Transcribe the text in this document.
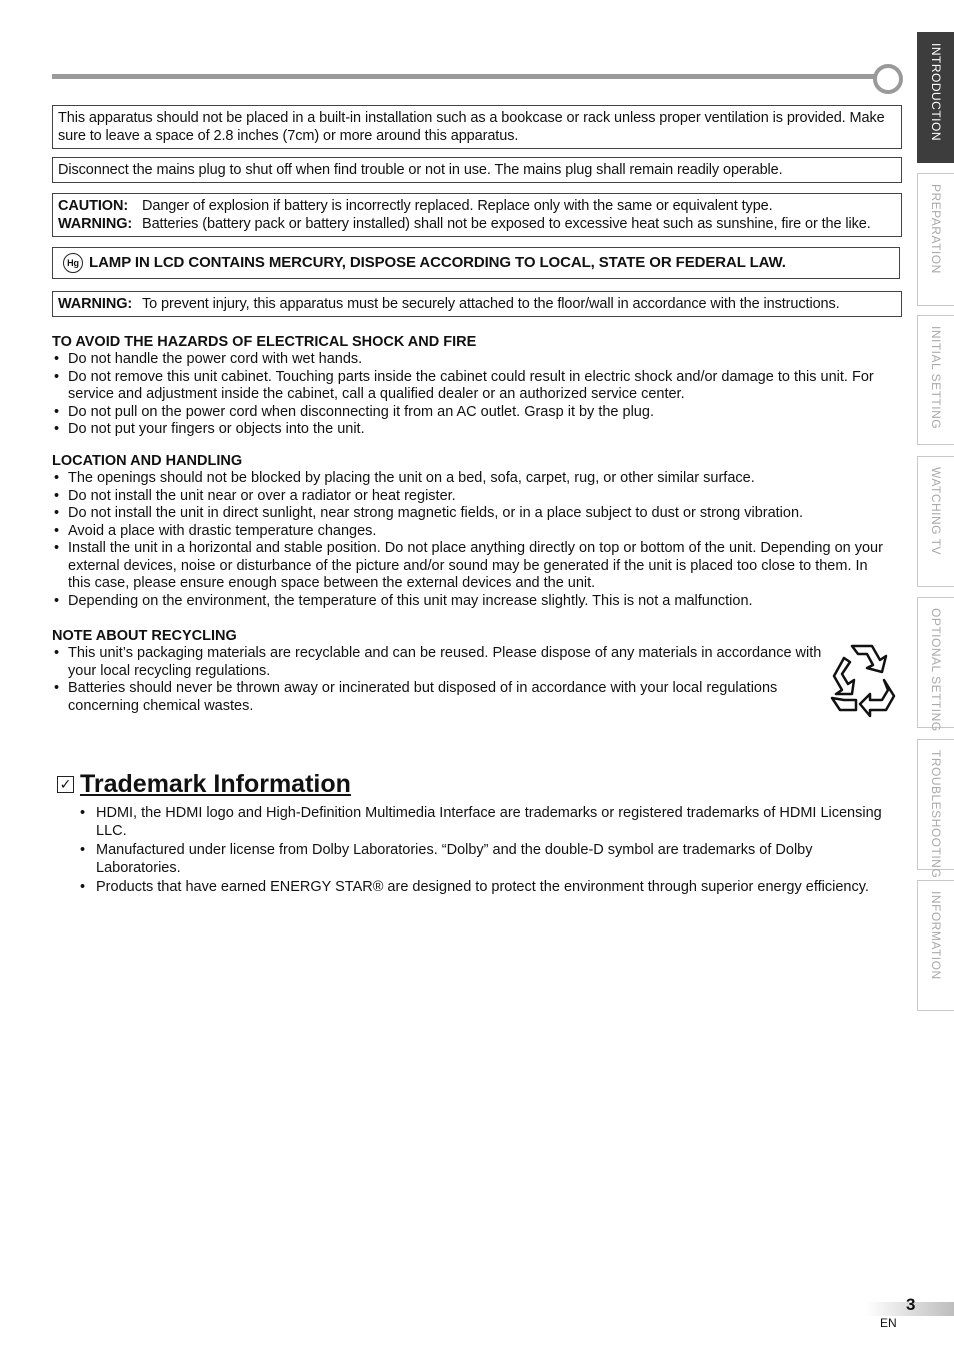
This apparatus should not be placed in a built-in installation such as a bookcase or rack unless proper ventilation is provided. Make sure to leave a space of 2.8 inches (7cm) or more around this apparatus.
Disconnect the mains plug to shut off when find trouble or not in use. The mains plug shall remain readily operable.
CAUTION: Danger of explosion if battery is incorrectly replaced. Replace only with the same or equivalent type.
WARNING: Batteries (battery pack or battery installed) shall not be exposed to excessive heat such as sunshine, fire or the like.
Hg LAMP IN LCD CONTAINS MERCURY, DISPOSE ACCORDING TO LOCAL, STATE OR FEDERAL LAW.
WARNING: To prevent injury, this apparatus must be securely attached to the floor/wall in accordance with the instructions.
TO AVOID THE HAZARDS OF ELECTRICAL SHOCK AND FIRE
• Do not handle the power cord with wet hands.
• Do not remove this unit cabinet. Touching parts inside the cabinet could result in electric shock and/or damage to this unit. For service and adjustment inside the cabinet, call a qualified dealer or an authorized service center.
• Do not pull on the power cord when disconnecting it from an AC outlet. Grasp it by the plug.
• Do not put your fingers or objects into the unit.
LOCATION AND HANDLING
• The openings should not be blocked by placing the unit on a bed, sofa, carpet, rug, or other similar surface.
• Do not install the unit near or over a radiator or heat register.
• Do not install the unit in direct sunlight, near strong magnetic fields, or in a place subject to dust or strong vibration.
• Avoid a place with drastic temperature changes.
• Install the unit in a horizontal and stable position. Do not place anything directly on top or bottom of the unit. Depending on your external devices, noise or disturbance of the picture and/or sound may be generated if the unit is placed too close to them. In this case, please ensure enough space between the external devices and the unit.
• Depending on the environment, the temperature of this unit may increase slightly. This is not a malfunction.
NOTE ABOUT RECYCLING
• This unit’s packaging materials are recyclable and can be reused. Please dispose of any materials in accordance with your local recycling regulations.
• Batteries should never be thrown away or incinerated but disposed of in accordance with your local regulations concerning chemical wastes.
✓ Trademark Information
• HDMI, the HDMI logo and High-Definition Multimedia Interface are trademarks or registered trademarks of HDMI Licensing LLC.
• Manufactured under license from Dolby Laboratories. “Dolby” and the double-D symbol are trademarks of Dolby Laboratories.
• Products that have earned ENERGY STAR® are designed to protect the environment through superior energy efficiency.
INTRODUCTION
PREPARATION
INITIAL SETTING
WATCHING TV
OPTIONAL SETTING
TROUBLESHOOTING
INFORMATION
3
EN
